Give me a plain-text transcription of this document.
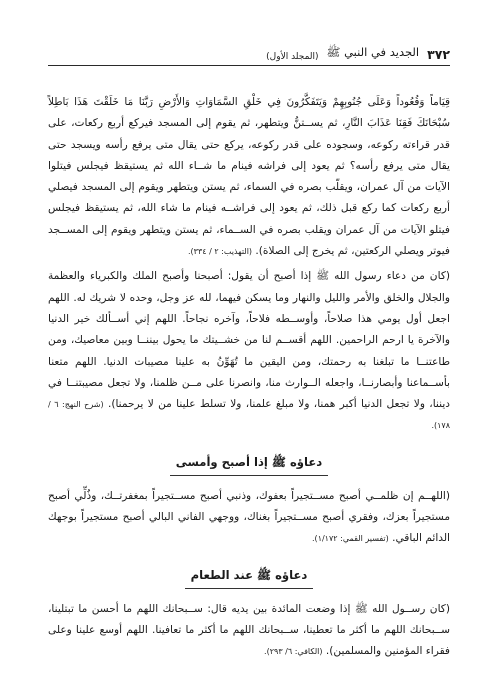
٣٧٢
الجديد في النبي ﷺ
(المجلد الأول)

قِيَاماً وَقُعُوداً وَعَلَى جُنُوبِهِمْ وَيَتَفَكَّرُونَ فِي خَلْقِ السَّمَاوَاتِ وَالأَرْضِ رَبَّنَا مَا خَلَقْتَ هَذَا بَاطِلاً سُبْحَانَكَ فَقِنَا عَذَابَ النَّارِ، ثم يســتنُّ ويتطهر، ثم يقوم إلى المسجد فيركع أربع ركعات، على قدر قراءته ركوعه، وسجوده على قدر ركوعه، يركع حتى يقال متى يرفع رأسه ويسجد حتى يقال متى يرفع رأسه؟ ثم يعود إلى فراشه فينام ما شــاء الله ثم يستيقظ فيجلس فيتلوا الآيات من آل عمران، ويقلّب بصره في السماء، ثم يستن ويتطهر ويقوم إلى المسجد فيصلي أربع ركعات كما ركع قبل ذلك، ثم يعود إلى فراشــه فينام ما شاء الله، ثم يستيقظ فيجلس فيتلو الآيات من آل عمران ويقلب بصره في الســماء، ثم يستن ويتطهر ويقوم إلى المســجد فيوتر ويصلي الركعتين، ثم يخرج إلى الصلاة). (التهذيب: ٢ / ٣٣٤).

(كان من دعاء رسول الله ﷺ إذا أصبح أن يقول: أصبحنا وأصبح الملك والكبرياء والعظمة والجلال والخلق والأمر والليل والنهار وما يسكن فيهما، لله عز وجل، وحده لا شريك له. اللهم اجعل أول يومي هذا صلاحاً، وأوســطه فلاحاً، وآخره نجاحاً. اللهم إني أســألك خير الدنيا والآخرة يا ارحم الراحمين. اللهم أقســم لنا من خشــيتك ما يحول بيننــا وبين معاصيك، ومن طاعتنــا ما تبلغنا به رحمتك، ومن اليقين ما تُهَوِّنُ به علينا مصيبات الدنيا. اللهم متعنا بأســماعنا وأبصارنــا، واجعله الــوارث منا، وانصرنا على مــن ظلمنا، ولا تجعل مصيبتنــا في ديننا، ولا تجعل الدنيا أكبر همنا، ولا مبلغ علمنا، ولا تسلط علينا من لا يرحمنا). (شرح النهج: ٦ / ١٧٨).

دعاؤه ﷺ إذا أصبح وأمسى

(اللهــم إن ظلمــي أصبح مســتجيراً بعفوك، وذنبي أصبح مســتجيراً بمغفرتــك، وذُلِّي أصبح مستجيراً بعزك، وفقري أصبح مســتجيراً بغناك، ووجهي الفاني البالي أصبح مستجيراً بوجهك الدائم الباقي. (تفسير القمي: ١/١٧٢).

دعاؤه ﷺ عند الطعام

(كان رســول الله ﷺ إذا وضعت المائدة بين يديه قال: ســبحانك اللهم ما أحسن ما تبتلينا، ســبحانك اللهم ما أكثر ما تعطينا، ســبحانك اللهم ما أكثر ما تعافينا. اللهم أوسع علينا وعلى فقراء المؤمنين والمسلمين). (الكافي: ٦/ ٢٩٣).
